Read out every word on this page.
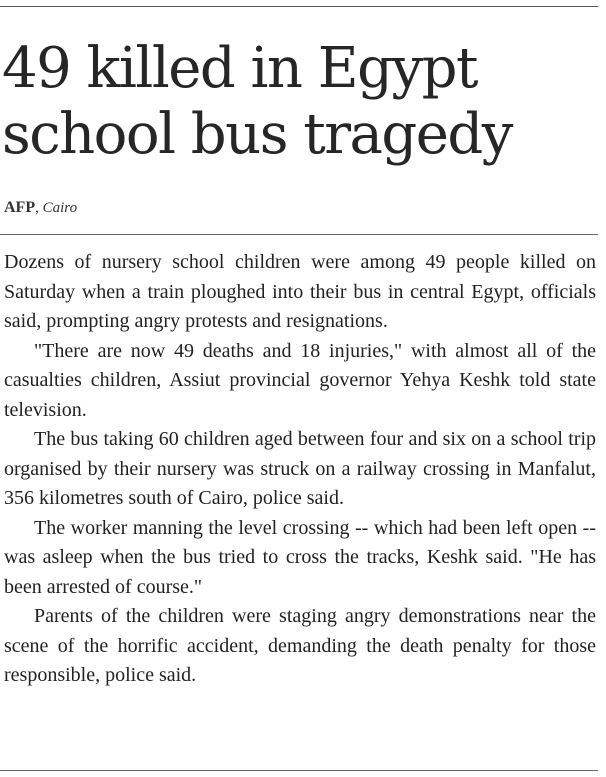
49 killed in Egypt school bus tragedy
AFP, Cairo

Dozens of nursery school children were among 49 people killed on Saturday when a train ploughed into their bus in central Egypt, officials said, prompting angry protests and resignations.

"There are now 49 deaths and 18 injuries," with almost all of the casualties children, Assiut provincial governor Yehya Keshk told state television.

The bus taking 60 children aged between four and six on a school trip organised by their nursery was struck on a railway crossing in Manfalut, 356 kilometres south of Cairo, police said.

The worker manning the level crossing -- which had been left open -- was asleep when the bus tried to cross the tracks, Keshk said. "He has been arrested of course."

Parents of the children were staging angry demonstrations near the scene of the horrific accident, demanding the death penalty for those responsible, police said.
